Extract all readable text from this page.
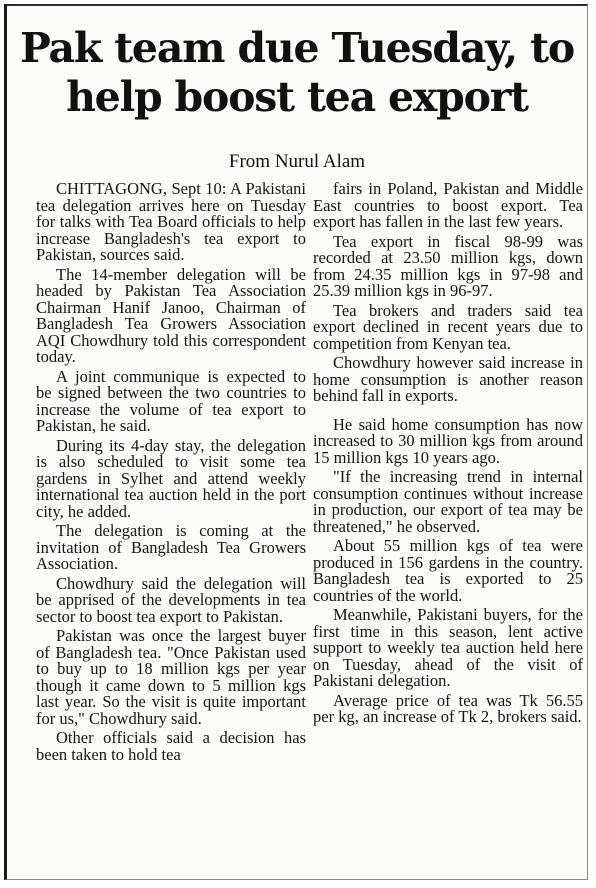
Pak team due Tuesday, to
help boost tea export

From Nurul Alam

CHITTAGONG, Sept 10: A Pakistani tea delegation arrives here on Tuesday for talks with Tea Board officials to help increase Bangladesh's tea export to Pakistan, sources said.

The 14-member delegation will be headed by Pakistan Tea Association Chairman Hanif Janoo, Chairman of Bangladesh Tea Growers Association AQI Chowdhury told this correspondent today.

A joint communique is expected to be signed between the two countries to increase the volume of tea export to Pakistan, he said.

During its 4-day stay, the delegation is also scheduled to visit some tea gardens in Sylhet and attend weekly international tea auction held in the port city, he added.

The delegation is coming at the invitation of Bangladesh Tea Growers Association.

Chowdhury said the delegation will be apprised of the developments in tea sector to boost tea export to Pakistan.

Pakistan was once the largest buyer of Bangladesh tea. "Once Pakistan used to buy up to 18 million kgs per year though it came down to 5 million kgs last year. So the visit is quite important for us," Chowdhury said.

Other officials said a decision has been taken to hold tea

fairs in Poland, Pakistan and Middle East countries to boost export. Tea export has fallen in the last few years.

Tea export in fiscal 98-99 was recorded at 23.50 million kgs, down from 24.35 million kgs in 97-98 and 25.39 million kgs in 96-97.

Tea brokers and traders said tea export declined in recent years due to competition from Kenyan tea.

Chowdhury however said increase in home consumption is another reason behind fall in exports.

He said home consumption has now increased to 30 million kgs from around 15 million kgs 10 years ago.

"If the increasing trend in internal consumption continues without increase in production, our export of tea may be threatened," he observed.

About 55 million kgs of tea were produced in 156 gardens in the country. Bangladesh tea is exported to 25 countries of the world.

Meanwhile, Pakistani buyers, for the first time in this season, lent active support to weekly tea auction held here on Tuesday, ahead of the visit of Pakistani delegation.

Average price of tea was Tk 56.55 per kg, an increase of Tk 2, brokers said.
